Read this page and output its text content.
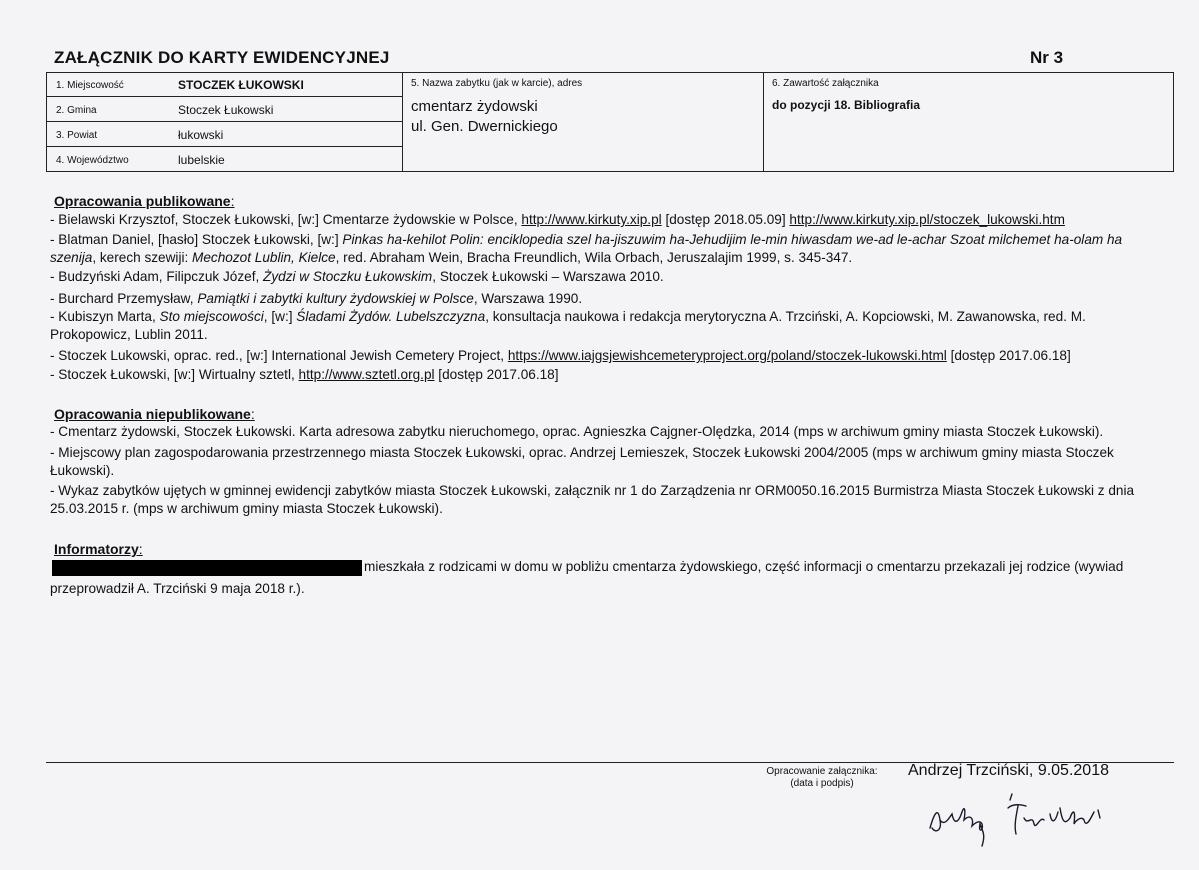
ZAŁĄCZNIK DO KARTY EWIDENCYJNEJ	Nr 3
1. Miejscowość	STOCZEK ŁUKOWSKI
2. Gmina	Stoczek Łukowski
3. Powiat	łukowski
4. Województwo	lubelskie
5. Nazwa zabytku (jak w karcie), adres
cmentarz żydowski
ul. Gen. Dwernickiego
6. Zawartość załącznika
do pozycji 18. Bibliografia
Opracowania publikowane:
- Bielawski Krzysztof, Stoczek Łukowski, [w:] Cmentarze żydowskie w Polsce, http://www.kirkuty.xip.pl [dostęp 2018.05.09] http://www.kirkuty.xip.pl/stoczek_lukowski.htm
- Blatman Daniel, [hasło] Stoczek Łukowski, [w:] Pinkas ha-kehilot Polin: enciklopedia szel ha-jiszuwim ha-Jehudijim le-min hiwasdam we-ad le-achar Szoat milchemet ha-olam ha szenija, kerech szewiji: Mechozot Lublin, Kielce, red. Abraham Wein, Bracha Freundlich, Wila Orbach, Jeruszalajim 1999, s. 345-347.
- Budzyński Adam, Filipczuk Józef, Żydzi w Stoczku Łukowskim, Stoczek Łukowski – Warszawa 2010.
- Burchard Przemysław, Pamiątki i zabytki kultury żydowskiej w Polsce, Warszawa 1990.
- Kubiszyn Marta, Sto miejscowości, [w:] Śladami Żydów. Lubelszczyzna, konsultacja naukowa i redakcja merytoryczna A. Trzciński, A. Kopciowski, M. Zawanowska, red. M. Prokopowicz, Lublin 2011.
- Stoczek Lukowski, oprac. red., [w:] International Jewish Cemetery Project, https://www.iajgsjewishcemeteryproject.org/poland/stoczek-lukowski.html [dostęp 2017.06.18]
- Stoczek Łukowski, [w:] Wirtualny sztetl, http://www.sztetl.org.pl [dostęp 2017.06.18]
Opracowania niepublikowane:
- Cmentarz żydowski, Stoczek Łukowski. Karta adresowa zabytku nieruchomego, oprac. Agnieszka Cajgner-Olędzka, 2014 (mps w archiwum gminy miasta Stoczek Łukowski).
- Miejscowy plan zagospodarowania przestrzennego miasta Stoczek Łukowski, oprac. Andrzej Lemieszek, Stoczek Łukowski 2004/2005 (mps w archiwum gminy miasta Stoczek Łukowski).
- Wykaz zabytków ujętych w gminnej ewidencji zabytków miasta Stoczek Łukowski, załącznik nr 1 do Zarządzenia nr ORM0050.16.2015 Burmistrza Miasta Stoczek Łukowski z dnia 25.03.2015 r. (mps w archiwum gminy miasta Stoczek Łukowski).
Informatorzy:
mieszkała z rodzicami w domu w pobliżu cmentarza żydowskiego, część informacji o cmentarzu przekazali jej rodzice (wywiad
przeprowadził A. Trzciński 9 maja 2018 r.).
Opracowanie załącznika:
(data i podpis)
Andrzej Trzciński, 9.05.2018
